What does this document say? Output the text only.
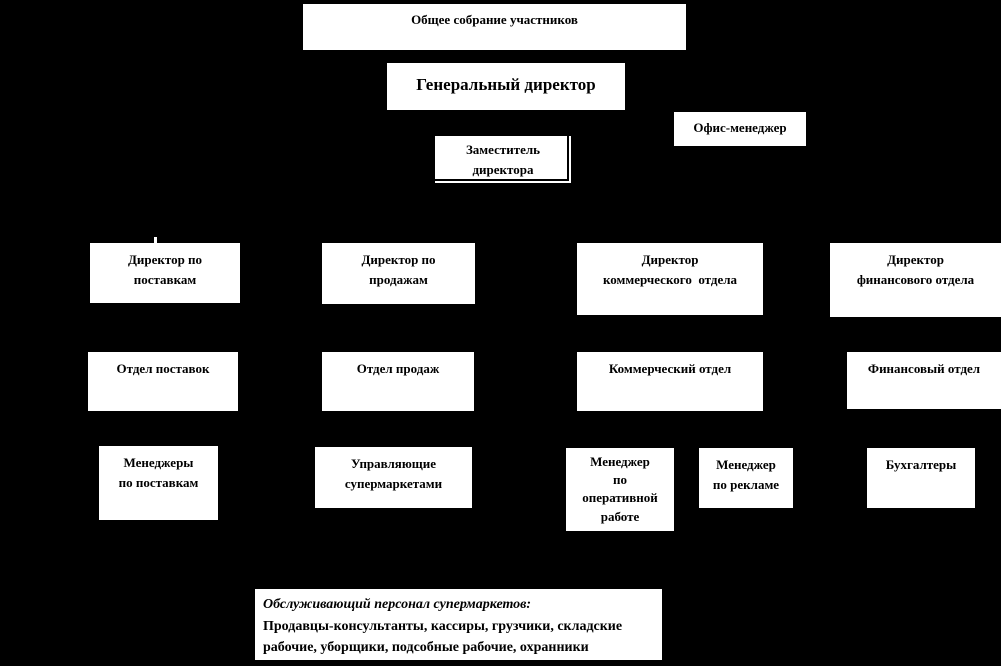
Общее собрание участников
Генеральный директор
Офис-менеджер
Заместитель
директора
Директор по
поставкам
Директор по
продажам
Директор
коммерческого  отдела
Директор
финансового отдела
Отдел поставок	Отдел продаж	Коммерческий отдел	Финансовый отдел
Менеджеры
по поставкам
Управляющие
супермаркетами
Менеджер
по
оперативной
работе
Менеджер
по рекламе
Бухгалтеры
Обслуживающий персонал супермаркетов:
Продавцы-консультанты, кассиры, грузчики, складские рабочие, уборщики, подсобные рабочие, охранники
